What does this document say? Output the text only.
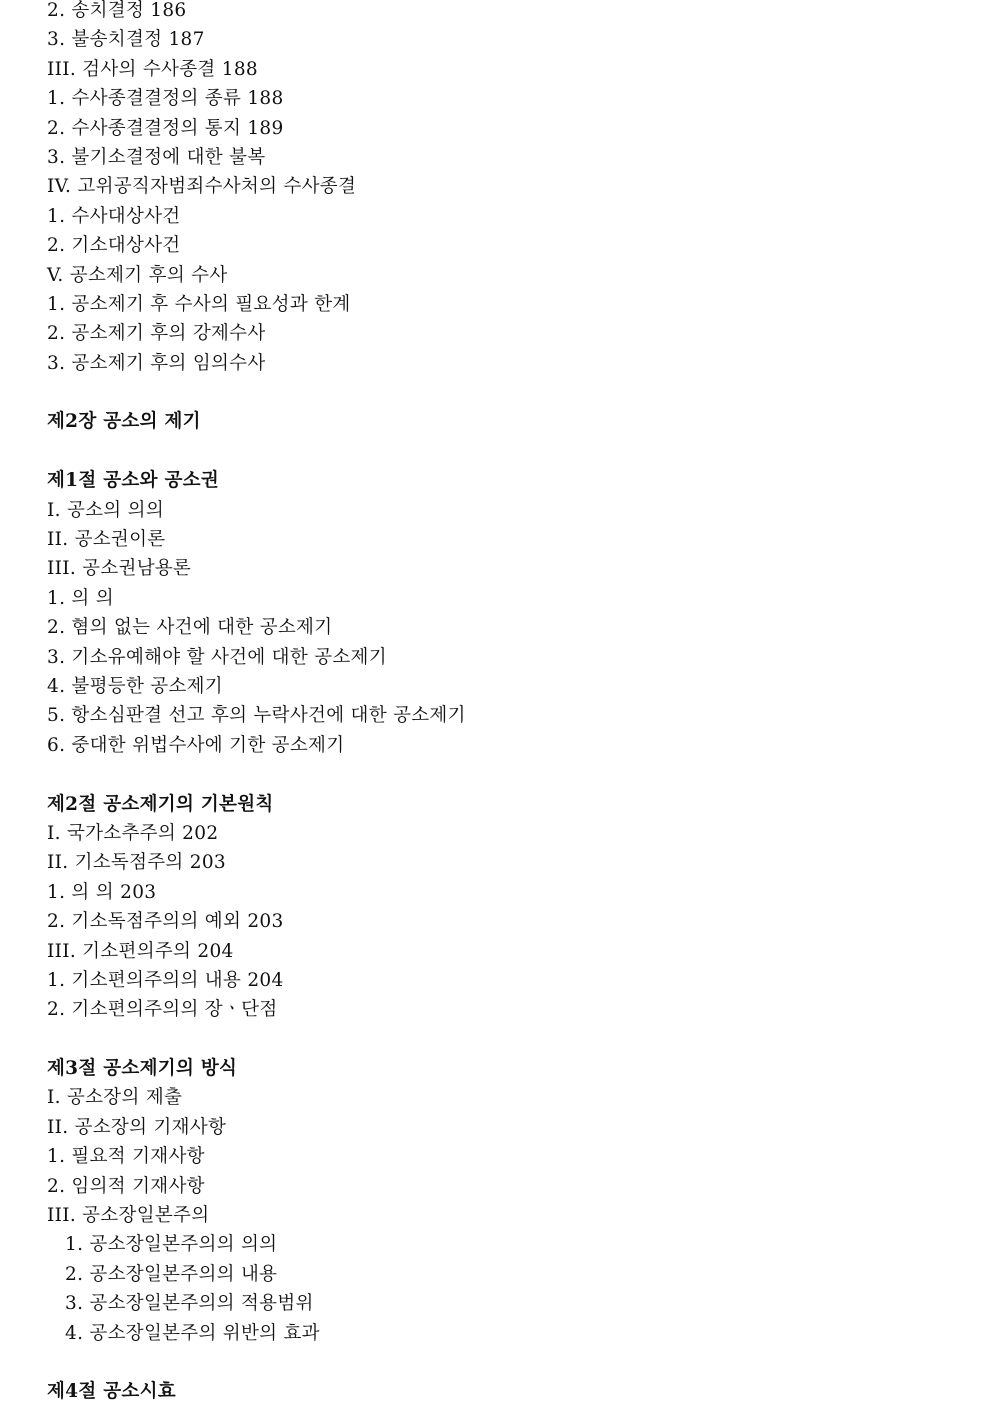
2. 송치결정 186
3. 불송치결정 187
III. 검사의 수사종결 188
1. 수사종결결정의 종류 188
2. 수사종결결정의 통지 189
3. 불기소결정에 대한 불복
IV. 고위공직자범죄수사처의 수사종결
1. 수사대상사건
2. 기소대상사건
V. 공소제기 후의 수사
1. 공소제기 후 수사의 필요성과 한계
2. 공소제기 후의 강제수사
3. 공소제기 후의 임의수사
제2장 공소의 제기
제1절 공소와 공소권
I. 공소의 의의
II. 공소권이론
III. 공소권남용론
1. 의 의
2. 혐의 없는 사건에 대한 공소제기
3. 기소유예해야 할 사건에 대한 공소제기
4. 불평등한 공소제기
5. 항소심판결 선고 후의 누락사건에 대한 공소제기
6. 중대한 위법수사에 기한 공소제기
제2절 공소제기의 기본원칙
I. 국가소추주의 202
II. 기소독점주의 203
1. 의 의 203
2. 기소독점주의의 예외 203
III. 기소편의주의 204
1. 기소편의주의의 내용 204
2. 기소편의주의의 장ㆍ단점
제3절 공소제기의 방식
I. 공소장의 제출
II. 공소장의 기재사항
1. 필요적 기재사항
2. 임의적 기재사항
III. 공소장일본주의
1. 공소장일본주의의 의의
2. 공소장일본주의의 내용
3. 공소장일본주의의 적용범위
4. 공소장일본주의 위반의 효과
제4절 공소시효
